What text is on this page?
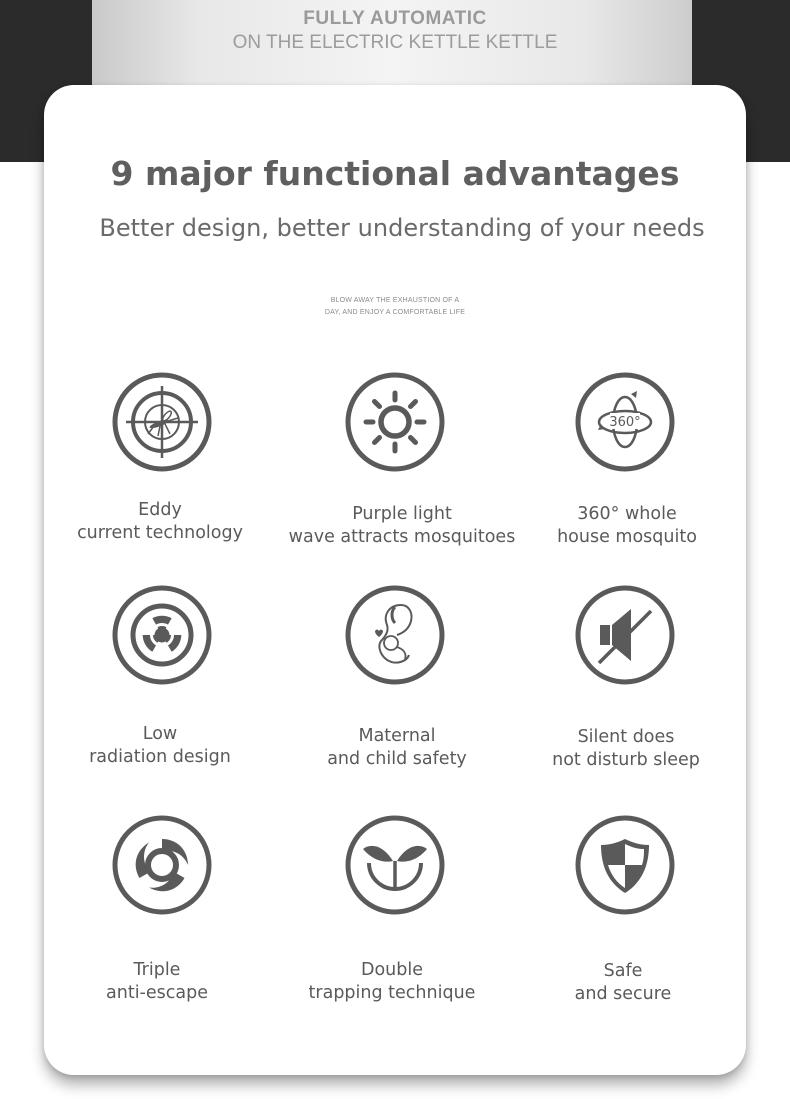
FULLY AUTOMATIC
ON THE ELECTRIC KETTLE KETTLE
9 major functional advantages
Better design, better understanding of your needs
BLOW AWAY THE EXHAUSTION OF A
DAY, AND ENJOY A COMFORTABLE LIFE
360°
Eddy
current technology
Purple light
wave attracts mosquitoes
360° whole
house mosquito
Low
radiation design
Maternal
and child safety
Silent does
not disturb sleep
Triple
anti-escape
Double
trapping technique
Safe
and secure
